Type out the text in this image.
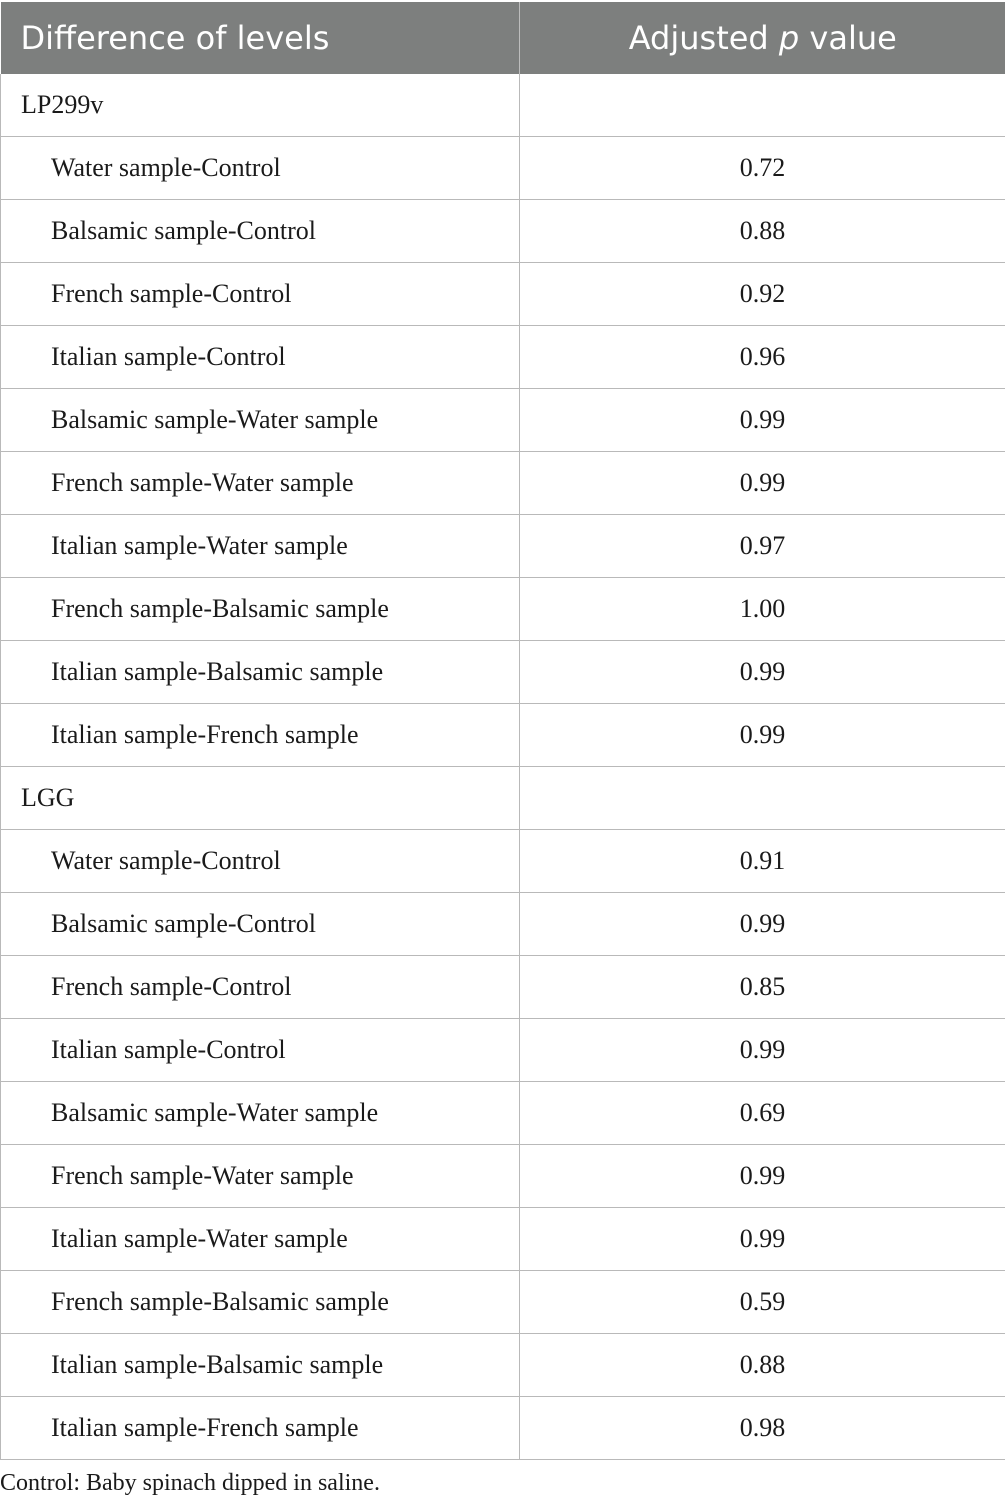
Difference of levels	Adjusted p value
LP299v	
Water sample-Control	0.72
Balsamic sample-Control	0.88
French sample-Control	0.92
Italian sample-Control	0.96
Balsamic sample-Water sample	0.99
French sample-Water sample	0.99
Italian sample-Water sample	0.97
French sample-Balsamic sample	1.00
Italian sample-Balsamic sample	0.99
Italian sample-French sample	0.99
LGG	
Water sample-Control	0.91
Balsamic sample-Control	0.99
French sample-Control	0.85
Italian sample-Control	0.99
Balsamic sample-Water sample	0.69
French sample-Water sample	0.99
Italian sample-Water sample	0.99
French sample-Balsamic sample	0.59
Italian sample-Balsamic sample	0.88
Italian sample-French sample	0.98
Control: Baby spinach dipped in saline.
